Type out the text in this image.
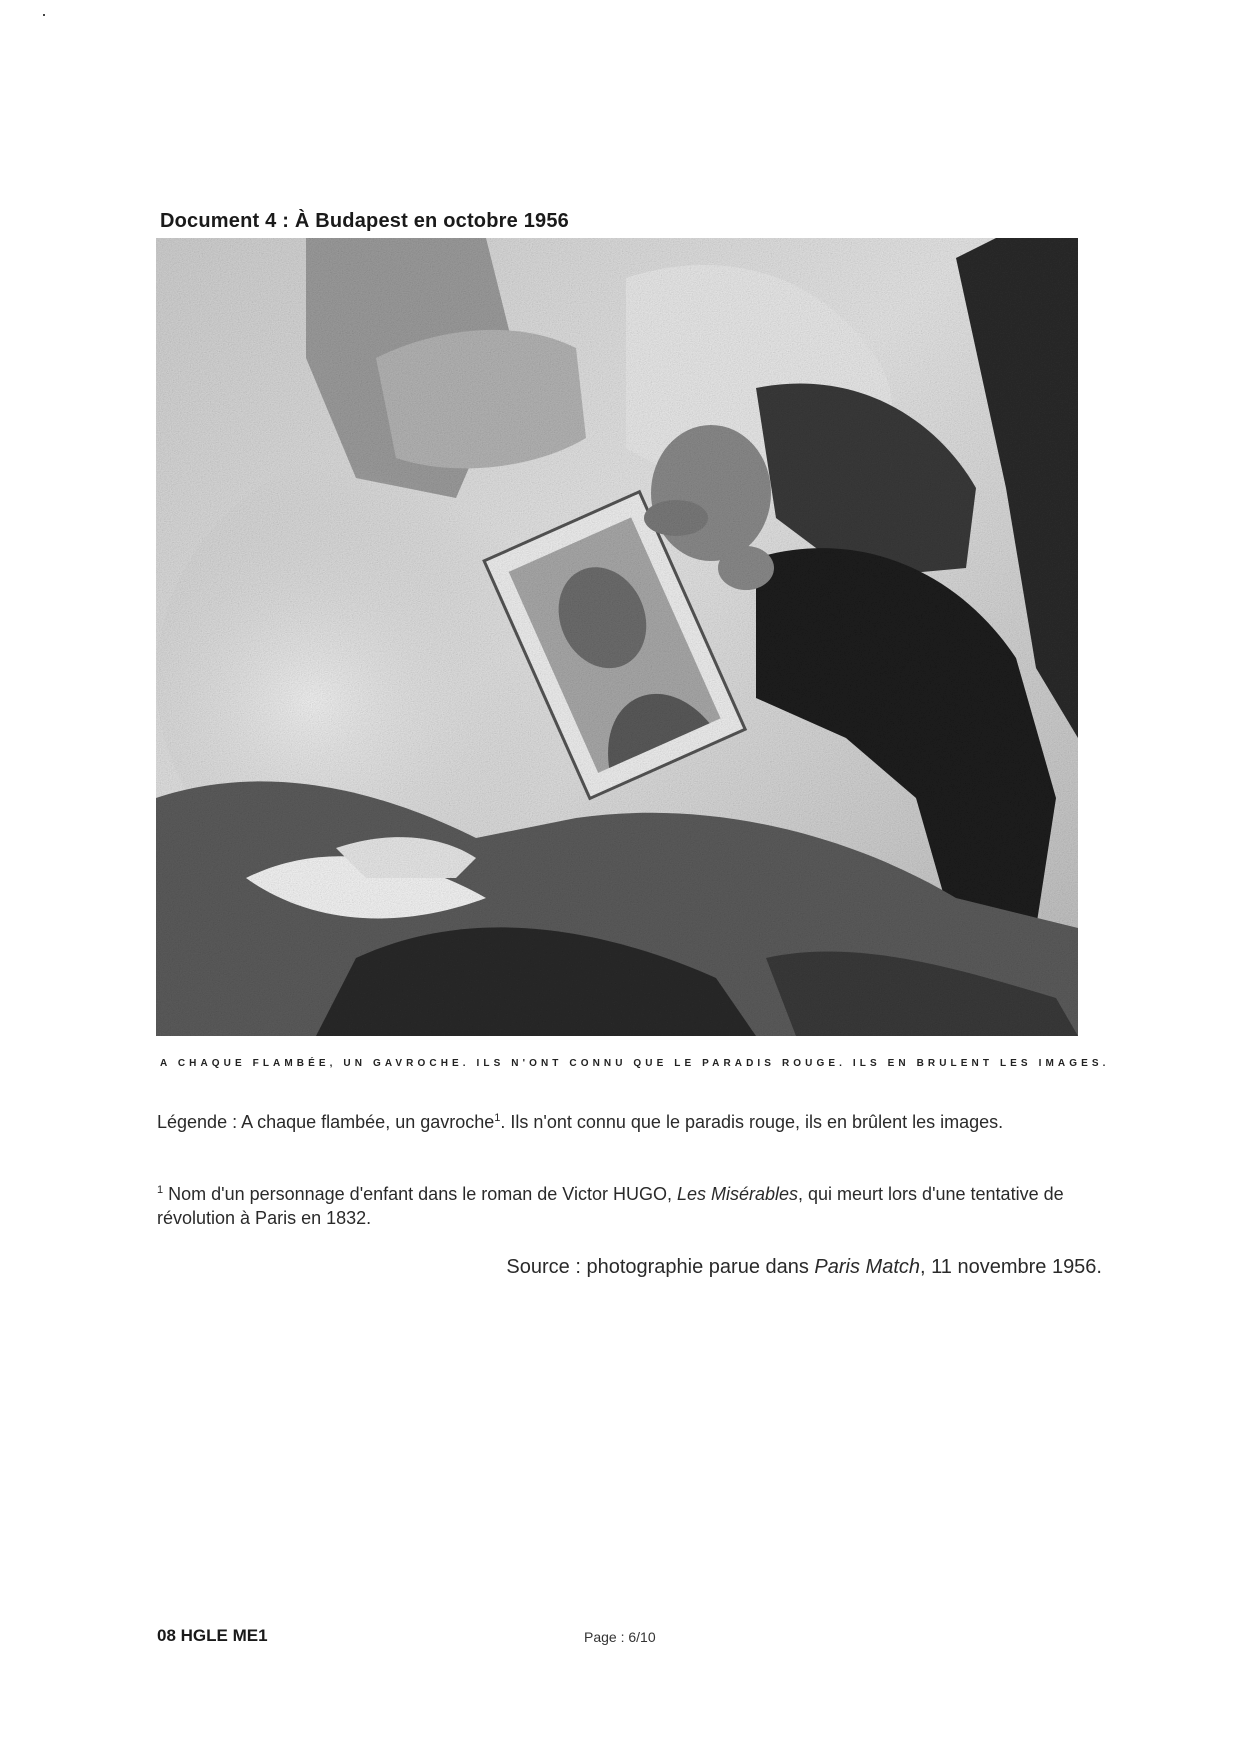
Document 4 : À Budapest en octobre 1956
A CHAQUE FLAMBÉE, UN GAVROCHE. ILS N'ONT CONNU QUE LE PARADIS ROUGE. ILS EN BRULENT LES IMAGES.
Légende : A chaque flambée, un gavroche$^1$. Ils n'ont connu que le paradis rouge, ils en brûlent les images.
$^1$ Nom d'un personnage d'enfant dans le roman de Victor HUGO, Les Misérables, qui meurt lors d'une tentative de révolution à Paris en 1832.
Source : photographie parue dans Paris Match, 11 novembre 1956.
08 HGLE ME1	Page : 6/10
